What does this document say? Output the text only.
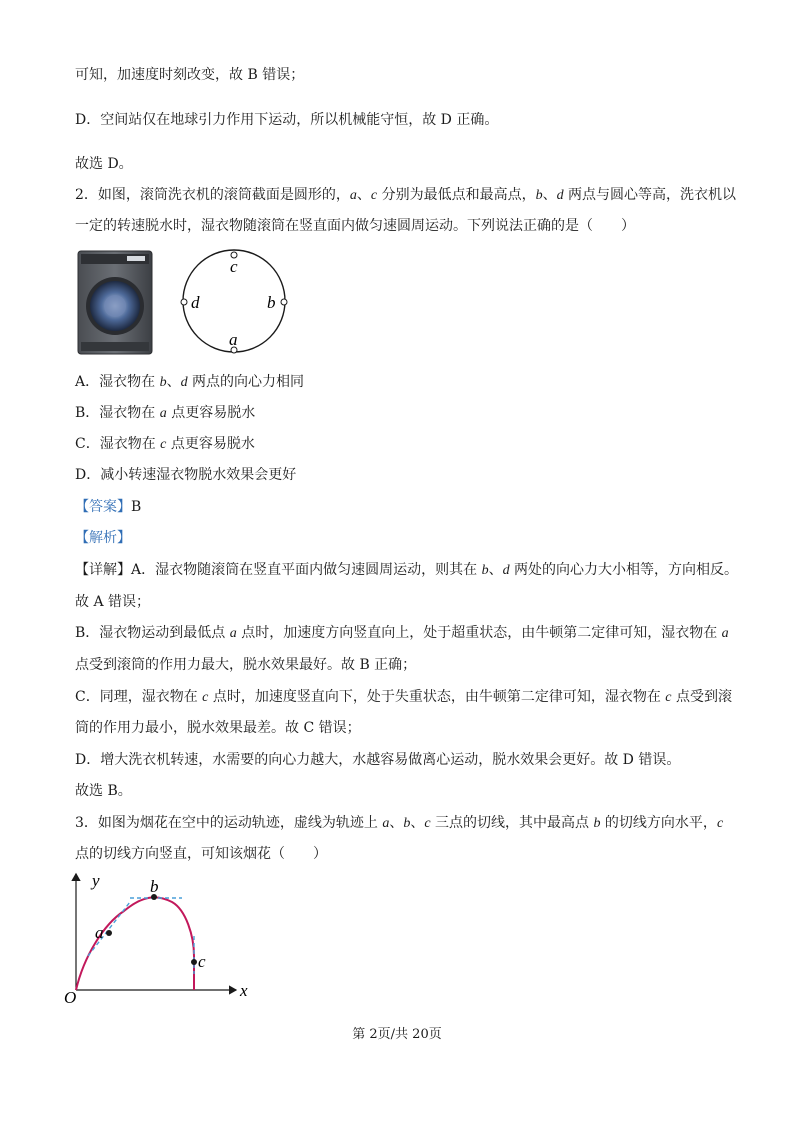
可知，加速度时刻改变，故 B 错误；
D．空间站仅在地球引力作用下运动，所以机械能守恒，故 D 正确。
故选 D。
2．如图，滚筒洗衣机的滚筒截面是圆形的，a、c 分别为最低点和最高点，b、d 两点与圆心等高，洗衣机以
一定的转速脱水时，湿衣物随滚筒在竖直面内做匀速圆周运动。下列说法正确的是（　　）
c
d	b
a
A．湿衣物在 b、d 两点的向心力相同
B．湿衣物在 a 点更容易脱水
C．湿衣物在 c 点更容易脱水
D．减小转速湿衣物脱水效果会更好
【答案】B
【解析】
【详解】A．湿衣物随滚筒在竖直平面内做匀速圆周运动，则其在 b、d 两处的向心力大小相等，方向相反。
故 A 错误；
B．湿衣物运动到最低点 a 点时，加速度方向竖直向上，处于超重状态，由牛顿第二定律可知，湿衣物在 a
点受到滚筒的作用力最大，脱水效果最好。故 B 正确；
C．同理，湿衣物在 c 点时，加速度竖直向下，处于失重状态，由牛顿第二定律可知，湿衣物在 c 点受到滚
筒的作用力最小，脱水效果最差。故 C 错误；
D．增大洗衣机转速，水需要的向心力越大，水越容易做离心运动，脱水效果会更好。故 D 错误。
故选 B。
3．如图为烟花在空中的运动轨迹，虚线为轨迹上 a、b、c 三点的切线，其中最高点 b 的切线方向水平，c
点的切线方向竖直，可知该烟花（　　）
y
x
O
a
b
c
第 2页/共 20页
